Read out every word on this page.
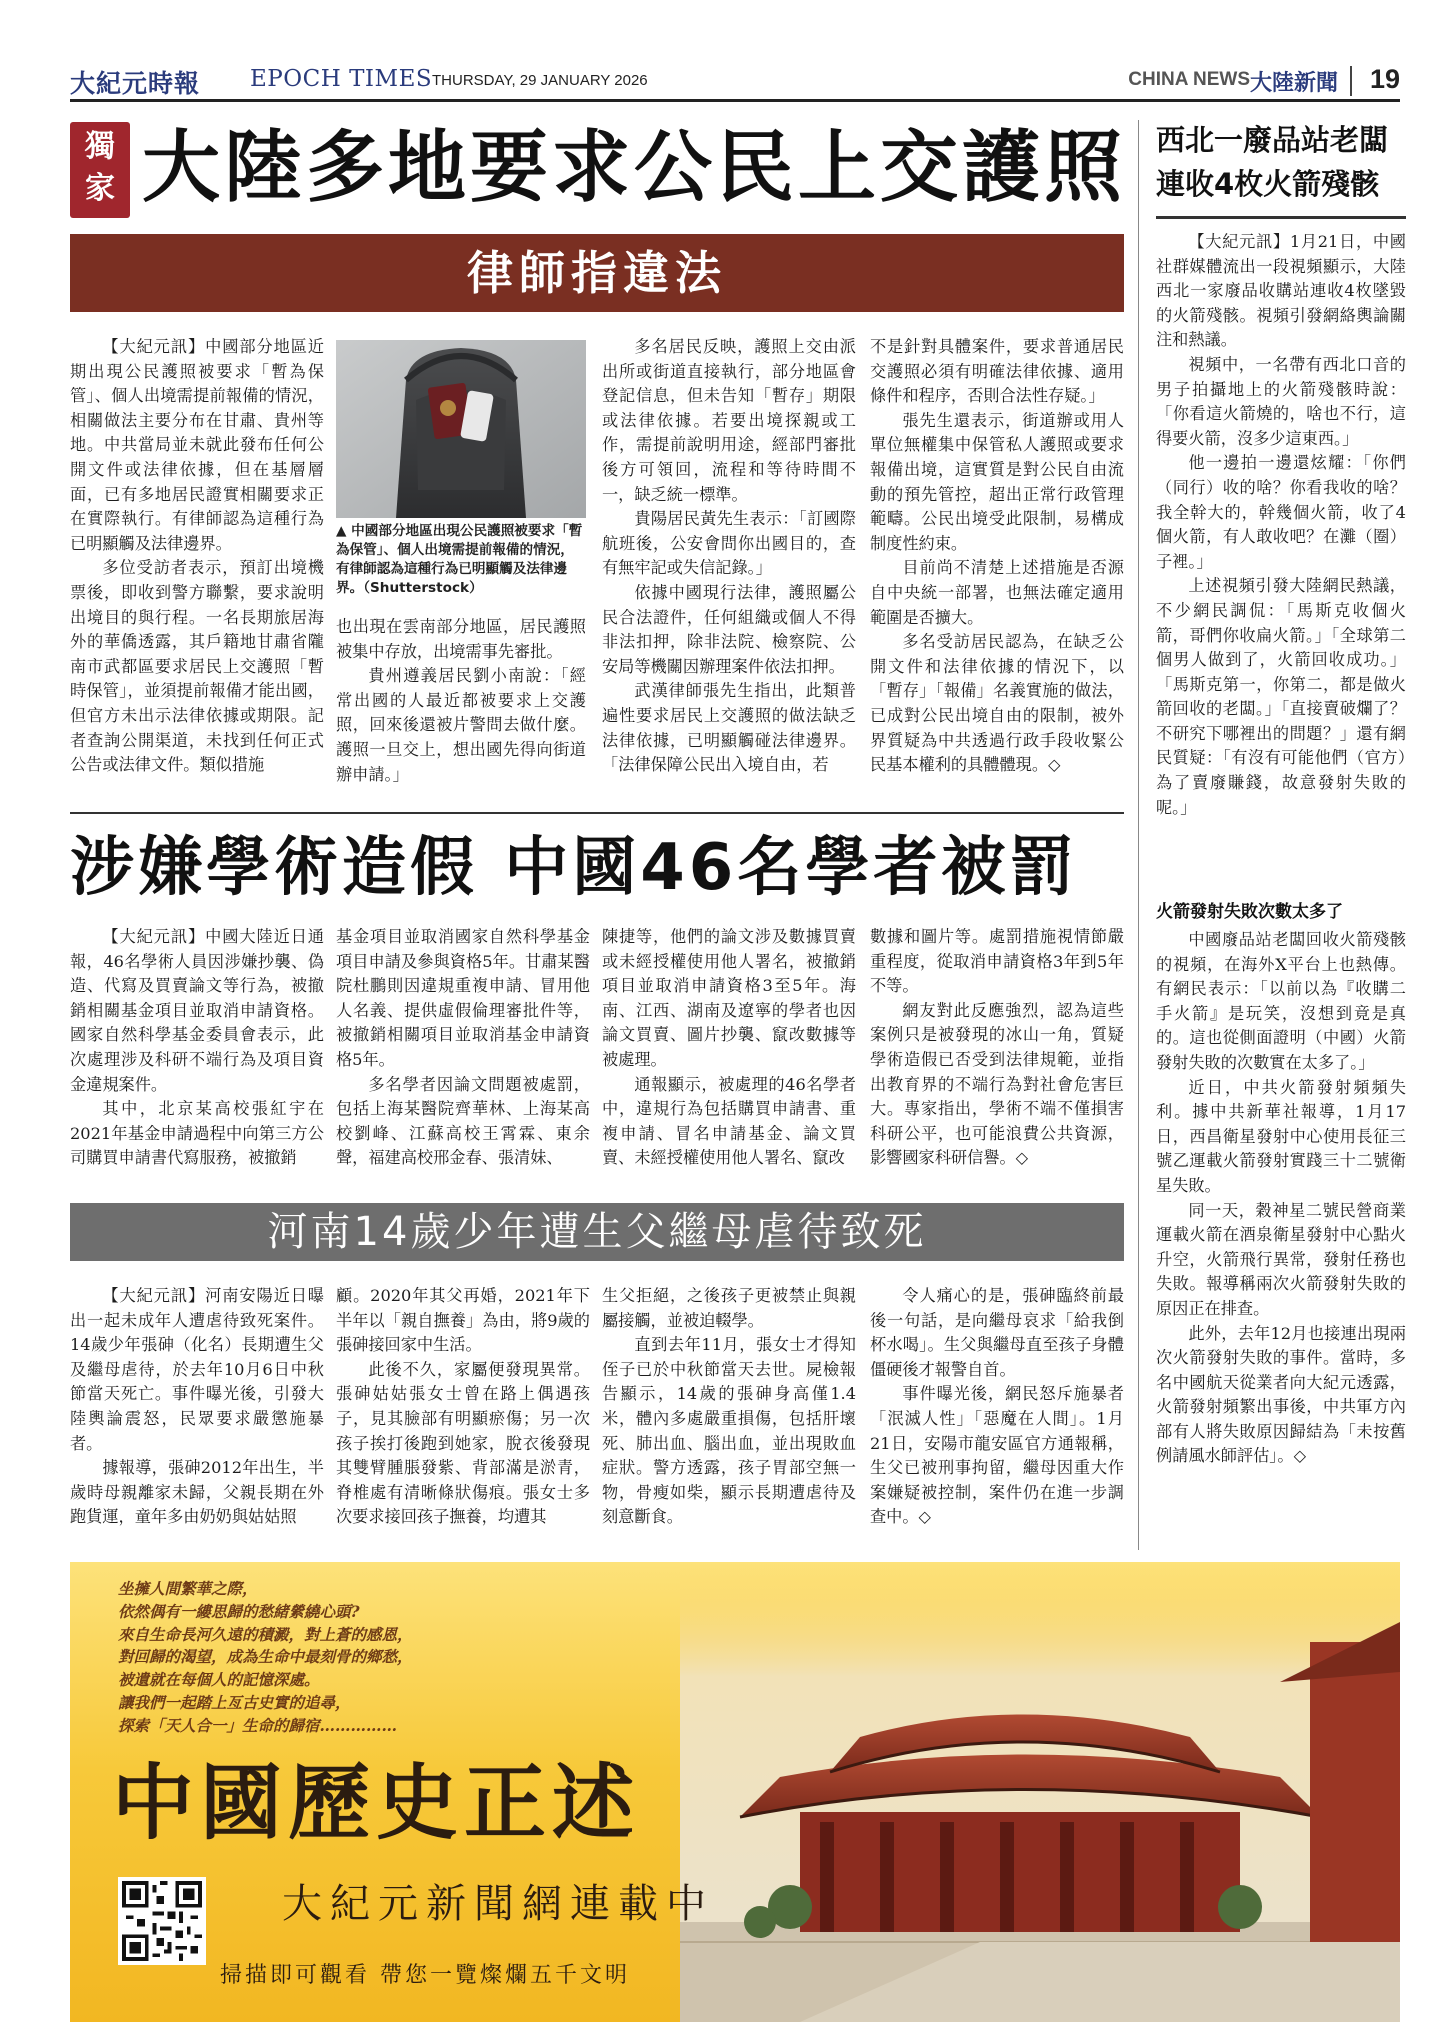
大紀元時報 EPOCH TIMES THURSDAY, 29 JANUARY 2026	CHINA NEWS 大陸新聞 19
獨家 大陸多地要求公民上交護照
律師指違法

【大紀元訊】中國部分地區近期出現公民護照被要求「暫為保管」、個人出境需提前報備的情況，相關做法主要分布在甘肅、貴州等地。中共當局並未就此發布任何公開文件或法律依據，但在基層層面，已有多地居民證實相關要求正在實際執行。有律師認為這種行為已明顯觸及法律邊界。

多位受訪者表示，預訂出境機票後，即收到警方聯繫，要求說明出境目的與行程。一名長期旅居海外的華僑透露，其戶籍地甘肅省隴南市武都區要求居民上交護照「暫時保管」，並須提前報備才能出國，但官方未出示法律依據或期限。記者查詢公開渠道，未找到任何正式公告或法律文件。類似措施

▲ 中國部分地區出現公民護照被要求「暫為保管」、個人出境需提前報備的情況，有律師認為這種行為已明顯觸及法律邊界。（Shutterstock）

也出現在雲南部分地區，居民護照被集中存放，出境需事先審批。

貴州遵義居民劉小南說：「經常出國的人最近都被要求上交護照，回來後還被片警問去做什麼。護照一旦交上，想出國先得向街道辦申請。」

多名居民反映，護照上交由派出所或街道直接執行，部分地區會登記信息，但未告知「暫存」期限或法律依據。若要出境探親或工作，需提前說明用途，經部門審批後方可領回，流程和等待時間不一，缺乏統一標準。

貴陽居民黃先生表示：「訂國際航班後，公安會問你出國目的，查有無牢記或失信記錄。」

依據中國現行法律，護照屬公民合法證件，任何組織或個人不得非法扣押，除非法院、檢察院、公安局等機關因辦理案件依法扣押。

武漢律師張先生指出，此類普遍性要求居民上交護照的做法缺乏法律依據，已明顯觸碰法律邊界。「法律保障公民出入境自由，若

不是針對具體案件，要求普通居民交護照必須有明確法律依據、適用條件和程序，否則合法性存疑。」

張先生還表示，街道辦或用人單位無權集中保管私人護照或要求報備出境，這實質是對公民自由流動的預先管控，超出正常行政管理範疇。公民出境受此限制，易構成制度性約束。

目前尚不清楚上述措施是否源自中央統一部署，也無法確定適用範圍是否擴大。

多名受訪居民認為，在缺乏公開文件和法律依據的情況下，以「暫存」「報備」名義實施的做法，已成對公民出境自由的限制，被外界質疑為中共透過行政手段收緊公民基本權利的具體體現。◇

涉嫌學術造假 中國46名學者被罰

【大紀元訊】中國大陸近日通報，46名學術人員因涉嫌抄襲、偽造、代寫及買賣論文等行為，被撤銷相關基金項目並取消申請資格。國家自然科學基金委員會表示，此次處理涉及科研不端行為及項目資金違規案件。

其中，北京某高校張紅宇在2021年基金申請過程中向第三方公司購買申請書代寫服務，被撤銷

基金項目並取消國家自然科學基金項目申請及參與資格5年。甘肅某醫院杜鵬則因違規重複申請、冒用他人名義、提供虛假倫理審批件等，被撤銷相關項目並取消基金申請資格5年。

多名學者因論文問題被處罰，包括上海某醫院齊華林、上海某高校劉峰、江蘇高校王霄霖、東余聲，福建高校邢金春、張清妹、

陳捷等，他們的論文涉及數據買賣或未經授權使用他人署名，被撤銷項目並取消申請資格3至5年。海南、江西、湖南及遼寧的學者也因論文買賣、圖片抄襲、竄改數據等被處理。

通報顯示，被處理的46名學者中，違規行為包括購買申請書、重複申請、冒名申請基金、論文買賣、未經授權使用他人署名、竄改

數據和圖片等。處罰措施視情節嚴重程度，從取消申請資格3年到5年不等。

網友對此反應強烈，認為這些案例只是被發現的冰山一角，質疑學術造假已否受到法律規範，並指出教育界的不端行為對社會危害巨大。專家指出，學術不端不僅損害科研公平，也可能浪費公共資源，影響國家科研信譽。◇

河南14歲少年遭生父繼母虐待致死

【大紀元訊】河南安陽近日曝出一起未成年人遭虐待致死案件。14歲少年張砷（化名）長期遭生父及繼母虐待，於去年10月6日中秋節當天死亡。事件曝光後，引發大陸輿論震怒，民眾要求嚴懲施暴者。

據報導，張砷2012年出生，半歲時母親離家未歸，父親長期在外跑貨運，童年多由奶奶與姑姑照

顧。2020年其父再婚，2021年下半年以「親自撫養」為由，將9歲的張砷接回家中生活。

此後不久，家屬便發現異常。張砷姑姑張女士曾在路上偶遇孩子，見其臉部有明顯瘀傷；另一次孩子挨打後跑到她家，脫衣後發現其雙臂腫脹發紫、背部滿是淤青，脊椎處有清晰條狀傷痕。張女士多次要求接回孩子撫養，均遭其

生父拒絕，之後孩子更被禁止與親屬接觸，並被迫輟學。

直到去年11月，張女士才得知侄子已於中秋節當天去世。屍檢報告顯示，14歲的張砷身高僅1.4米，體內多處嚴重損傷，包括肝壞死、肺出血、腦出血，並出現敗血症狀。警方透露，孩子胃部空無一物，骨瘦如柴，顯示長期遭虐待及刻意斷食。

令人痛心的是，張砷臨終前最後一句話，是向繼母哀求「給我倒杯水喝」。生父與繼母直至孩子身體僵硬後才報警自首。

事件曝光後，網民怒斥施暴者「泯滅人性」「惡魔在人間」。1月21日，安陽市龍安區官方通報稱，生父已被刑事拘留，繼母因重大作案嫌疑被控制，案件仍在進一步調查中。◇

西北一廢品站老闆
連收4枚火箭殘骸

【大紀元訊】1月21日，中國社群媒體流出一段視頻顯示，大陸西北一家廢品收購站連收4枚墜毀的火箭殘骸。視頻引發網絡輿論關注和熱議。

視頻中，一名帶有西北口音的男子拍攝地上的火箭殘骸時說：「你看這火箭燒的，啥也不行，這得要火箭，沒多少這東西。」

他一邊拍一邊還炫耀：「你們（同行）收的啥？你看我收的啥？我全幹大的，幹幾個火箭，收了4個火箭，有人敢收吧？在灘（圈）子裡。」

上述視頻引發大陸網民熱議，不少網民調侃：「馬斯克收個火箭，哥們你收扁火箭。」「全球第二個男人做到了，火箭回收成功。」「馬斯克第一，你第二，都是做火箭回收的老闆。」「直接賣破爛了？不研究下哪裡出的問題？」還有網民質疑：「有沒有可能他們（官方）為了賣廢賺錢，故意發射失敗的呢。」

火箭發射失敗次數太多了

中國廢品站老闆回收火箭殘骸的視頻，在海外X平台上也熱傳。有網民表示：「以前以為『收購二手火箭』是玩笑，沒想到竟是真的。這也從側面證明（中國）火箭發射失敗的次數實在太多了。」

近日，中共火箭發射頻頻失利。據中共新華社報導，1月17日，西昌衛星發射中心使用長征三號乙運載火箭發射實踐三十二號衛星失敗。

同一天，穀神星二號民營商業運載火箭在酒泉衛星發射中心點火升空，火箭飛行異常，發射任務也失敗。報導稱兩次火箭發射失敗的原因正在排查。

此外，去年12月也接連出現兩次火箭發射失敗的事件。當時，多名中國航天從業者向大紀元透露，火箭發射頻繁出事後，中共軍方內部有人將失敗原因歸結為「未按舊例請風水師評估」。◇

坐擁人間繁華之際，
依然偶有一縷思歸的愁緒縈繞心頭?
來自生命長河久遠的積澱，對上蒼的感恩，
對回歸的渴望，成為生命中最刻骨的鄉愁，
被遺就在每個人的記憶深處。
讓我們一起踏上亙古史實的追尋，
探索「天人合一」生命的歸宿……………
中國歷史正述
大紀元新聞網連載中
掃描即可觀看 帶您一覽燦爛五千文明
